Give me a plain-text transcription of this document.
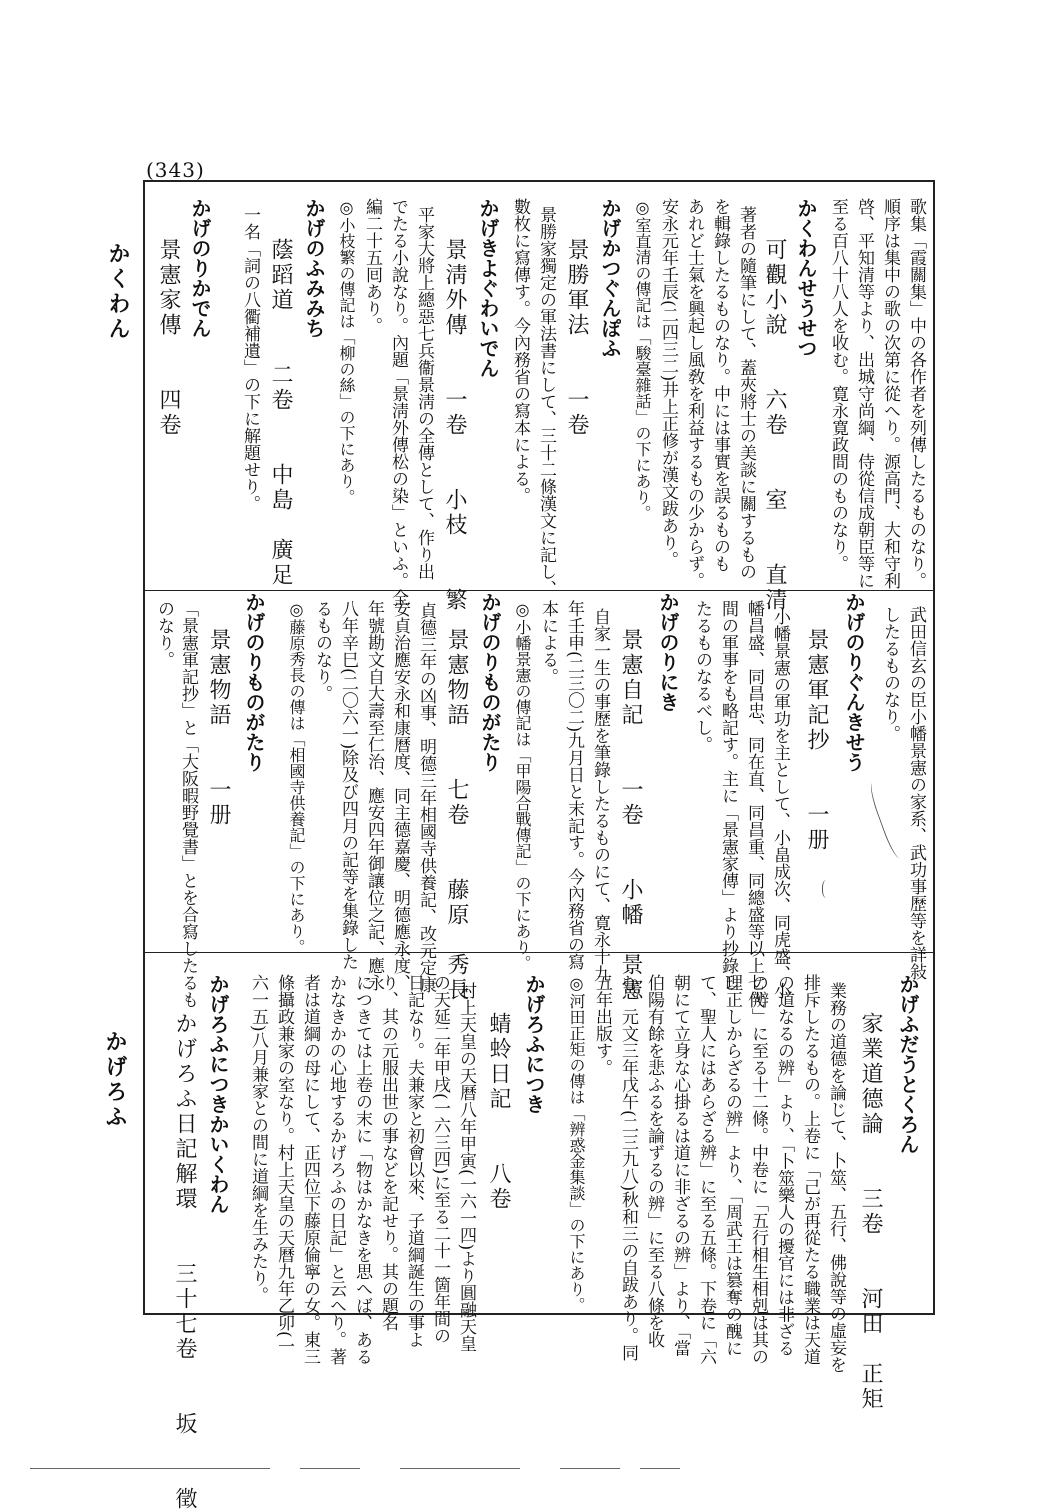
(343)
かくわん
かげろふ
歌集「霞關集」中の各作者を列傳したるものなり。
順序は集中の歌の次第に從へり。源高門、大和守利
啓、平知清等より、出城守尚綱、侍從信成朝臣等に
至る百八十八人を收む。寛永寛政間のものなり。
かくわんせうせつ
可觀小說　　六卷　　室　　直清
著者の隨筆にして、蓋夾將士の美談に關するもの
を輯錄したるものなり。中には事實を誤るものも
あれど士氣を興起し風敎を利益するもの少からず。
安永元年壬辰(二四三二)井上正修が漢文跋あり。
◎室直清の傳記は「駿臺雜話」の下にあり。
かげかつぐんぽふ
景勝軍法　　一卷
景勝家獨定の軍法書にして、三十二條漢文に記し、
數枚に寫傳す。今內務省の寫本による。
かげきよぐわいでん
景淸外傳　　一卷　　小枝　　繁
平家大將上總惡七兵衞景淸の全傳として、作り出
でたる小說なり。內題「景淸外傳松の染」といふ。全
編二十五囘あり。
◎小枝繁の傳記は「柳の絲」の下にあり。
かげのふみみち
蔭蹈道　　二卷　　中島　廣足
一名「詞の八衢補遺」の下に解題せり。
かげのりかでん
景憲家傳　　四卷
武田信玄の臣小幡景憲の家系、武功事歷等を詳敍
したるものなり。
かげのりぐんきせう
景憲軍記抄　　一册
小幡景憲の軍功を主として、小畠成次、同虎盛、小
幡昌盛、同昌忠、同在直、同昌重、同總盛等以上七代
間の軍事をも略記す。主に「景憲家傳」より抄錄し
たるものなるべし。
かげのりにき
景憲自記　　一卷　　小幡　景憲
自家一生の事歷を筆錄したるものにて、寛永十九
年壬申(二三〇二)九月日と末記す。今內務省の寫
本による。
◎小幡景憲の傳記は「甲陽合戰傳記」の下にあり。
かげのりものがたり
景憲物語　　七卷　　藤原　秀長
貞德三年の凶事、明德三年相國寺供養記、改元定康
安貞治應安永和康曆度、同主德嘉慶、明德應永度、
年號勘文自大壽至仁治、應安四年御讓位之記、應永
八年辛巳(二〇六一)除及び四月の記等を集錄した
るものなり。
◎藤原秀長の傳は「相國寺供養記」の下にあり。
かげのりものがたり
景憲物語　　一册
「景憲軍記抄」と「大阪暇野覺書」とを合寫したるも
のなり。
かげふだうとくろん
家業道德論　　三卷　　河田　正矩
業務の道德を論じて、卜筮、五行、佛說等の虛妄を
排斥したるもの。上卷に「己が再從たる職業は天道
の道なるの辨」より、「卜筮樂人の擾官には非ざる
の辨」に至る十二條。中卷に「五行相生相剋は其の
理正しからざるの辨」より、「周武王は篡奪の醜に
て、聖人にはあらざる辨」に至る五條。下卷に「六
朝にて立身な心掛るは道に非ざるの辨」より、「當
伯陽有餘を悲ふるを論ずるの辨」に至る八條を收
む。元文三年戊午(二三九八)秋和三の自跋あり。同
五年出版す。
◎河田正矩の傳は「辨惑金集談」の下にあり。
かげろふにつき
蜻蛉日記　　八卷
村上天皇の天曆八年甲寅(一六一四)より圓融天皇
の天延二年甲戌(一六三四)に至る二十一箇年間の
日記なり。夫兼家と初會以來、子道綱誕生の事よ
り、其の元服出世の事などを記せり。其の題名
につきては上卷の末に「物はかなきを思へば、ある
かなきかの心地するかげろふの日記」と云へり。著
者は道綱の母にして、正四位下藤原倫寧の女。東三
條攝政兼家の室なり。村上天皇の天曆九年乙卯(一
六一五)八月兼家との間に道綱を生みたり。
かげろふにつきかいくわん
かげろふ日記解環　　三十七卷　　坂　　徵
